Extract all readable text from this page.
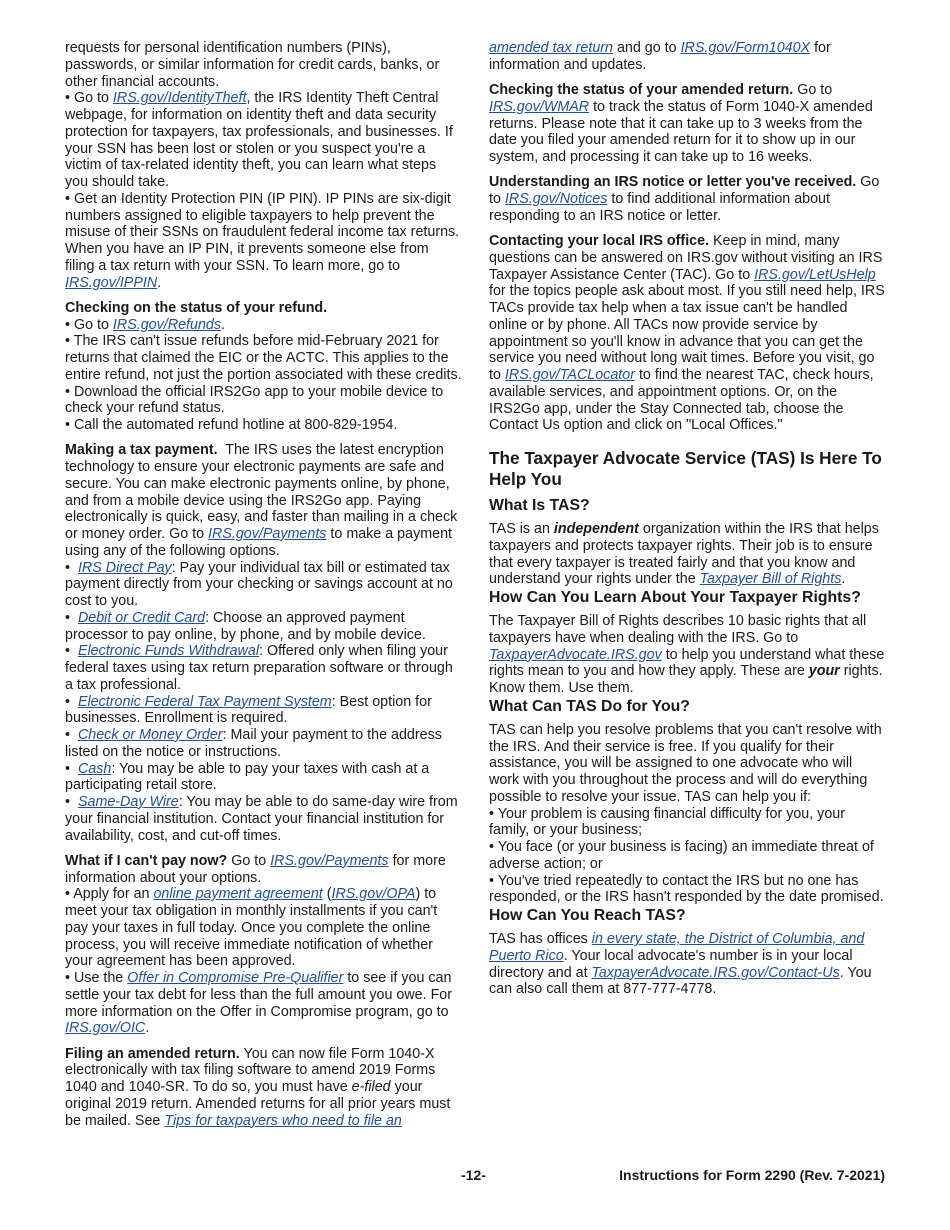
requests for personal identification numbers (PINs), passwords, or similar information for credit cards, banks, or other financial accounts.

• Go to IRS.gov/IdentityTheft, the IRS Identity Theft Central webpage, for information on identity theft and data security protection for taxpayers, tax professionals, and businesses. If your SSN has been lost or stolen or you suspect you're a victim of tax-related identity theft, you can learn what steps you should take.

• Get an Identity Protection PIN (IP PIN). IP PINs are six-digit numbers assigned to eligible taxpayers to help prevent the misuse of their SSNs on fraudulent federal income tax returns. When you have an IP PIN, it prevents someone else from filing a tax return with your SSN. To learn more, go to IRS.gov/IPPIN.

Checking on the status of your refund.

• Go to IRS.gov/Refunds.

• The IRS can't issue refunds before mid-February 2021 for returns that claimed the EIC or the ACTC. This applies to the entire refund, not just the portion associated with these credits.

• Download the official IRS2Go app to your mobile device to check your refund status.

• Call the automated refund hotline at 800-829-1954.

Making a tax payment. The IRS uses the latest encryption technology to ensure your electronic payments are safe and secure. You can make electronic payments online, by phone, and from a mobile device using the IRS2Go app. Paying electronically is quick, easy, and faster than mailing in a check or money order. Go to IRS.gov/Payments to make a payment using any of the following options.

•  IRS Direct Pay: Pay your individual tax bill or estimated tax payment directly from your checking or savings account at no cost to you.

•  Debit or Credit Card: Choose an approved payment processor to pay online, by phone, and by mobile device.

•  Electronic Funds Withdrawal: Offered only when filing your federal taxes using tax return preparation software or through a tax professional.

•  Electronic Federal Tax Payment System: Best option for businesses. Enrollment is required.

•  Check or Money Order: Mail your payment to the address listed on the notice or instructions.

•  Cash: You may be able to pay your taxes with cash at a participating retail store.

•  Same-Day Wire: You may be able to do same-day wire from your financial institution. Contact your financial institution for availability, cost, and cut-off times.

What if I can't pay now? Go to IRS.gov/Payments for more information about your options.

• Apply for an online payment agreement (IRS.gov/OPA) to meet your tax obligation in monthly installments if you can't pay your taxes in full today. Once you complete the online process, you will receive immediate notification of whether your agreement has been approved.

• Use the Offer in Compromise Pre-Qualifier to see if you can settle your tax debt for less than the full amount you owe. For more information on the Offer in Compromise program, go to IRS.gov/OIC.

Filing an amended return. You can now file Form 1040-X electronically with tax filing software to amend 2019 Forms 1040 and 1040-SR. To do so, you must have e-filed your original 2019 return. Amended returns for all prior years must be mailed. See Tips for taxpayers who need to file an

amended tax return and go to IRS.gov/Form1040X for information and updates.

Checking the status of your amended return. Go to IRS.gov/WMAR to track the status of Form 1040-X amended returns. Please note that it can take up to 3 weeks from the date you filed your amended return for it to show up in our system, and processing it can take up to 16 weeks.

Understanding an IRS notice or letter you've received. Go to IRS.gov/Notices to find additional information about responding to an IRS notice or letter.

Contacting your local IRS office. Keep in mind, many questions can be answered on IRS.gov without visiting an IRS Taxpayer Assistance Center (TAC). Go to IRS.gov/LetUsHelp for the topics people ask about most. If you still need help, IRS TACs provide tax help when a tax issue can't be handled online or by phone. All TACs now provide service by appointment so you'll know in advance that you can get the service you need without long wait times. Before you visit, go to IRS.gov/TACLocator to find the nearest TAC, check hours, available services, and appointment options. Or, on the IRS2Go app, under the Stay Connected tab, choose the Contact Us option and click on "Local Offices."

The Taxpayer Advocate Service (TAS) Is Here To Help You

What Is TAS?

TAS is an independent organization within the IRS that helps taxpayers and protects taxpayer rights. Their job is to ensure that every taxpayer is treated fairly and that you know and understand your rights under the Taxpayer Bill of Rights.

How Can You Learn About Your Taxpayer Rights?

The Taxpayer Bill of Rights describes 10 basic rights that all taxpayers have when dealing with the IRS. Go to TaxpayerAdvocate.IRS.gov to help you understand what these rights mean to you and how they apply. These are your rights. Know them. Use them.

What Can TAS Do for You?

TAS can help you resolve problems that you can't resolve with the IRS. And their service is free. If you qualify for their assistance, you will be assigned to one advocate who will work with you throughout the process and will do everything possible to resolve your issue. TAS can help you if:

• Your problem is causing financial difficulty for you, your family, or your business;

• You face (or your business is facing) an immediate threat of adverse action; or

• You've tried repeatedly to contact the IRS but no one has responded, or the IRS hasn't responded by the date promised.

How Can You Reach TAS?

TAS has offices in every state, the District of Columbia, and Puerto Rico. Your local advocate's number is in your local directory and at TaxpayerAdvocate.IRS.gov/Contact-Us. You can also call them at 877-777-4778.

-12-	Instructions for Form 2290 (Rev. 7-2021)
